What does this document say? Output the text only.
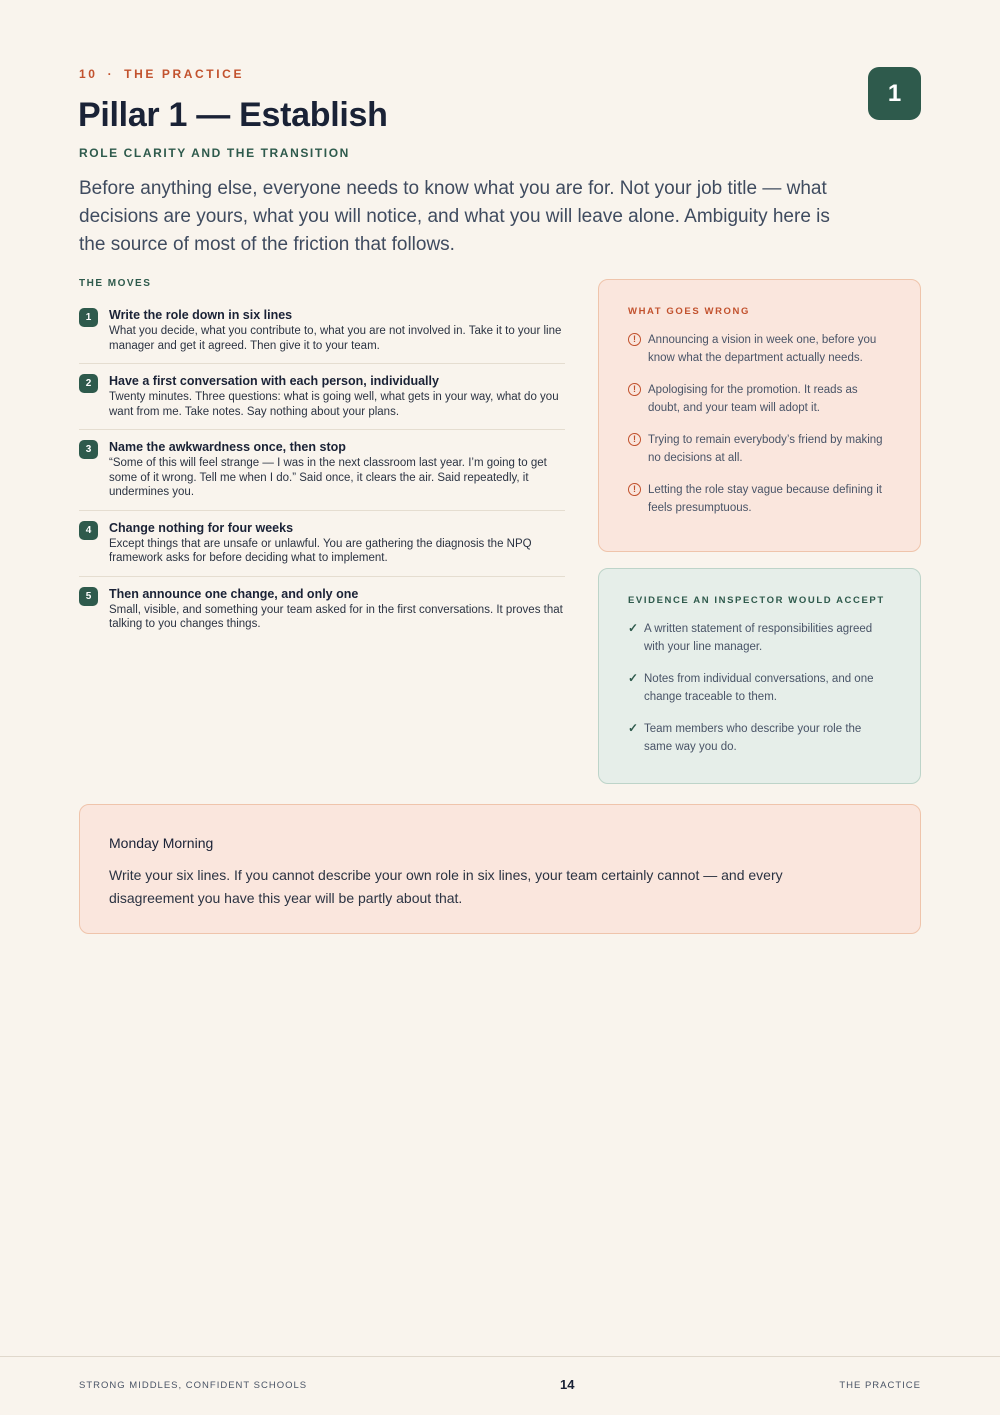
10 · THE PRACTICE
1
Pillar 1 — Establish
ROLE CLARITY AND THE TRANSITION

Before anything else, everyone needs to know what you are for. Not your job title — what decisions are yours, what you will notice, and what you will leave alone. Ambiguity here is the source of most of the friction that follows.

THE MOVES
1	Write the role down in six lines
What you decide, what you contribute to, what you are not involved in. Take it to your line manager and get it agreed. Then give it to your team.
2	Have a first conversation with each person, individually
Twenty minutes. Three questions: what is going well, what gets in your way, what do you want from me. Take notes. Say nothing about your plans.
3	Name the awkwardness once, then stop
“Some of this will feel strange — I was in the next classroom last year. I’m going to get some of it wrong. Tell me when I do.” Said once, it clears the air. Said repeatedly, it undermines you.
4	Change nothing for four weeks
Except things that are unsafe or unlawful. You are gathering the diagnosis the NPQ framework asks for before deciding what to implement.
5	Then announce one change, and only one
Small, visible, and something your team asked for in the first conversations. It proves that talking to you changes things.
WHAT GOES WRONG
!	Announcing a vision in week one, before you know what the department actually needs.
!	Apologising for the promotion. It reads as doubt, and your team will adopt it.
!	Trying to remain everybody’s friend by making no decisions at all.
!	Letting the role stay vague because defining it feels presumptuous.
EVIDENCE AN INSPECTOR WOULD ACCEPT
✓ A written statement of responsibilities agreed with your line manager.
✓ Notes from individual conversations, and one change traceable to them.
✓ Team members who describe your role the same way you do.
Monday Morning
Write your six lines. If you cannot describe your own role in six lines, your team certainly cannot — and every disagreement you have this year will be partly about that.
STRONG MIDDLES, CONFIDENT SCHOOLS	14	THE PRACTICE
